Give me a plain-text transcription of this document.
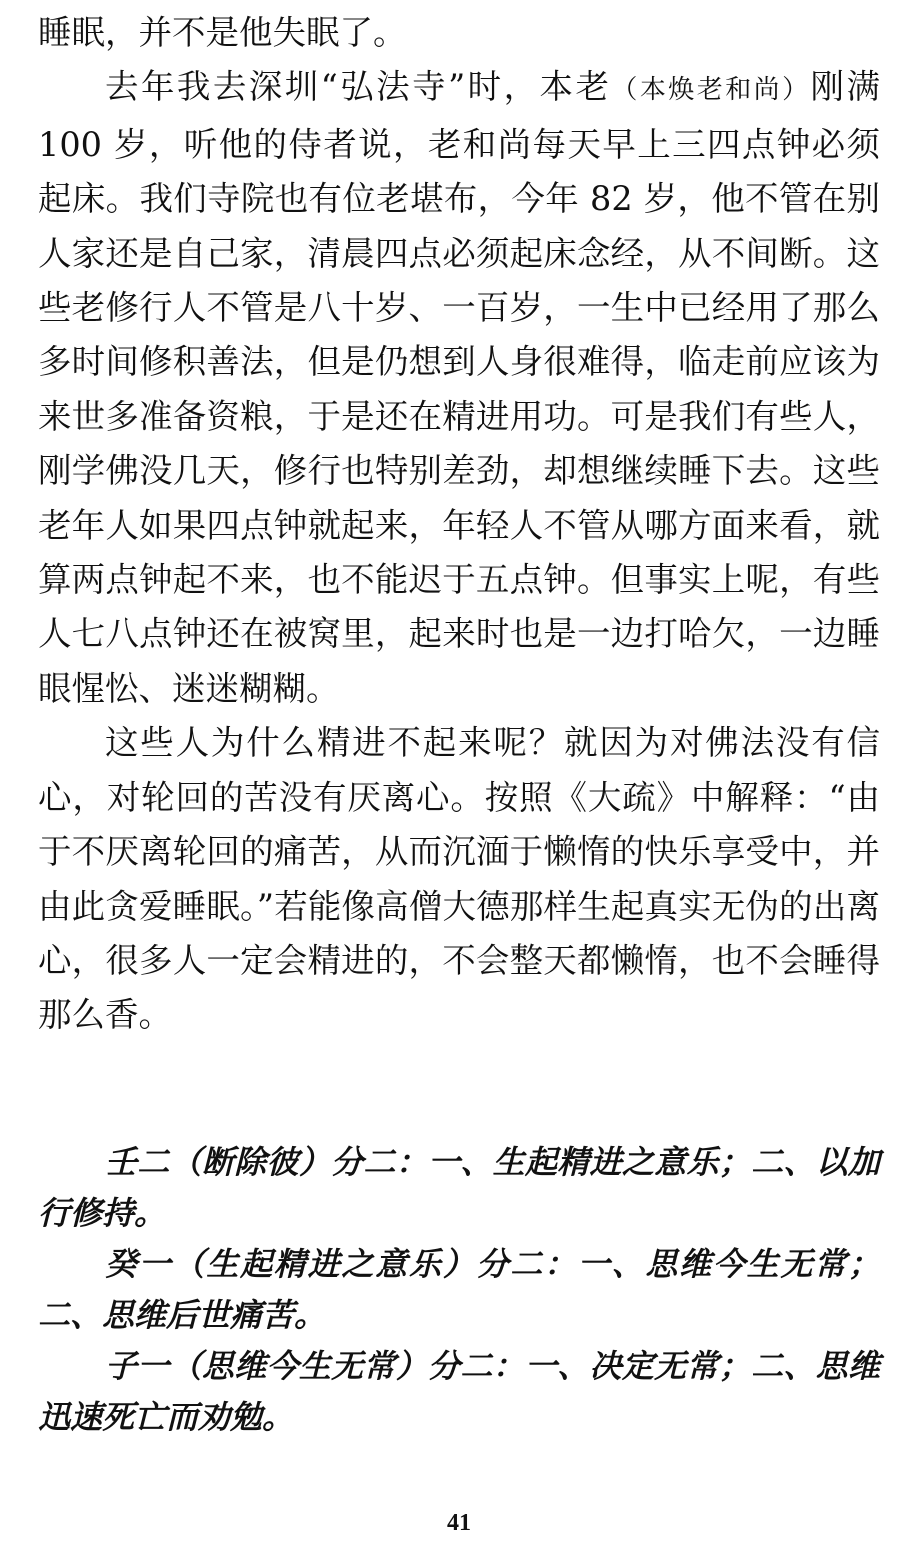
睡眠，并不是他失眠了。

去年我去深圳“弘法寺”时，本老（本焕老和尚）刚满 100 岁，听他的侍者说，老和尚每天早上三四点钟必须起床。我们寺院也有位老堪布，今年 82 岁，他不管在别人家还是自己家，清晨四点必须起床念经，从不间断。这些老修行人不管是八十岁、一百岁，一生中已经用了那么多时间修积善法，但是仍想到人身很难得，临走前应该为来世多准备资粮，于是还在精进用功。可是我们有些人，刚学佛没几天，修行也特别差劲，却想继续睡下去。这些老年人如果四点钟就起来，年轻人不管从哪方面来看，就算两点钟起不来，也不能迟于五点钟。但事实上呢，有些人七八点钟还在被窝里，起来时也是一边打哈欠，一边睡眼惺忪、迷迷糊糊。

这些人为什么精进不起来呢？就因为对佛法没有信心，对轮回的苦没有厌离心。按照《大疏》中解释：“由于不厌离轮回的痛苦，从而沉湎于懒惰的快乐享受中，并由此贪爱睡眠。”若能像高僧大德那样生起真实无伪的出离心，很多人一定会精进的，不会整天都懒惰，也不会睡得那么香。

壬二（断除彼）分二：一、生起精进之意乐；二、以加行修持。

癸一（生起精进之意乐）分二：一、思维今生无常；二、思维后世痛苦。

子一（思维今生无常）分二：一、决定无常；二、思维迅速死亡而劝勉。

41
